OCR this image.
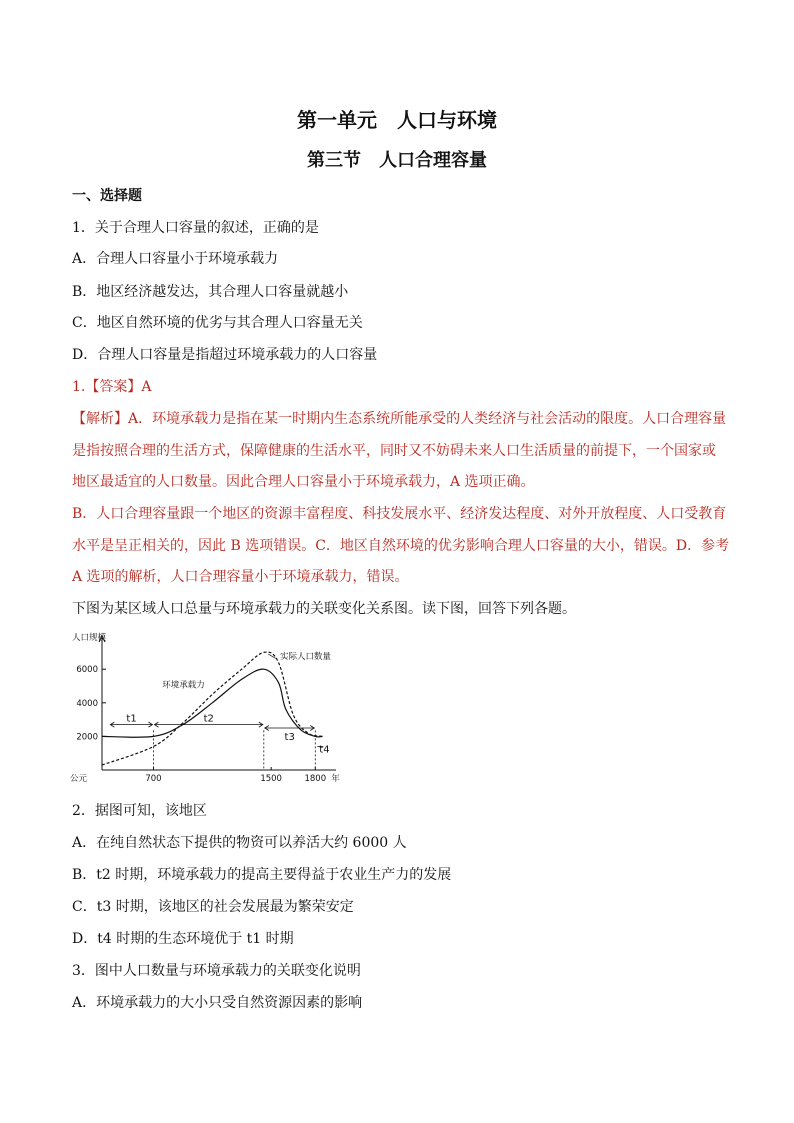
第一单元　人口与环境
第三节　人口合理容量
一、选择题
1．关于合理人口容量的叙述，正确的是
A．合理人口容量小于环境承载力
B．地区经济越发达，其合理人口容量就越小
C．地区自然环境的优劣与其合理人口容量无关
D．合理人口容量是指超过环境承载力的人口容量
1.【答案】A
【解析】A．环境承载力是指在某一时期内生态系统所能承受的人类经济与社会活动的限度。人口合理容量
是指按照合理的生活方式，保障健康的生活水平，同时又不妨碍未来人口生活质量的前提下，一个国家或
地区最适宜的人口数量。因此合理人口容量小于环境承载力，A 选项正确。
B．人口合理容量跟一个地区的资源丰富程度、科技发展水平、经济发达程度、对外开放程度、人口受教育
水平是呈正相关的，因此 B 选项错误。C．地区自然环境的优劣影响合理人口容量的大小，错误。D．参考
A 选项的解析，人口合理容量小于环境承载力，错误。
下图为某区域人口总量与环境承载力的关联变化关系图。读下图，回答下列各题。
2000
4000
6000
700	1500	1800
t1	t2
t3
t4
人口规模
公元	年
环境承载力
实际人口数量
2．据图可知，该地区
A．在纯自然状态下提供的物资可以养活大约 6000 人
B．t2 时期，环境承载力的提高主要得益于农业生产力的发展
C．t3 时期，该地区的社会发展最为繁荣安定
D．t4 时期的生态环境优于 t1 时期
3．图中人口数量与环境承载力的关联变化说明
A．环境承载力的大小只受自然资源因素的影响
